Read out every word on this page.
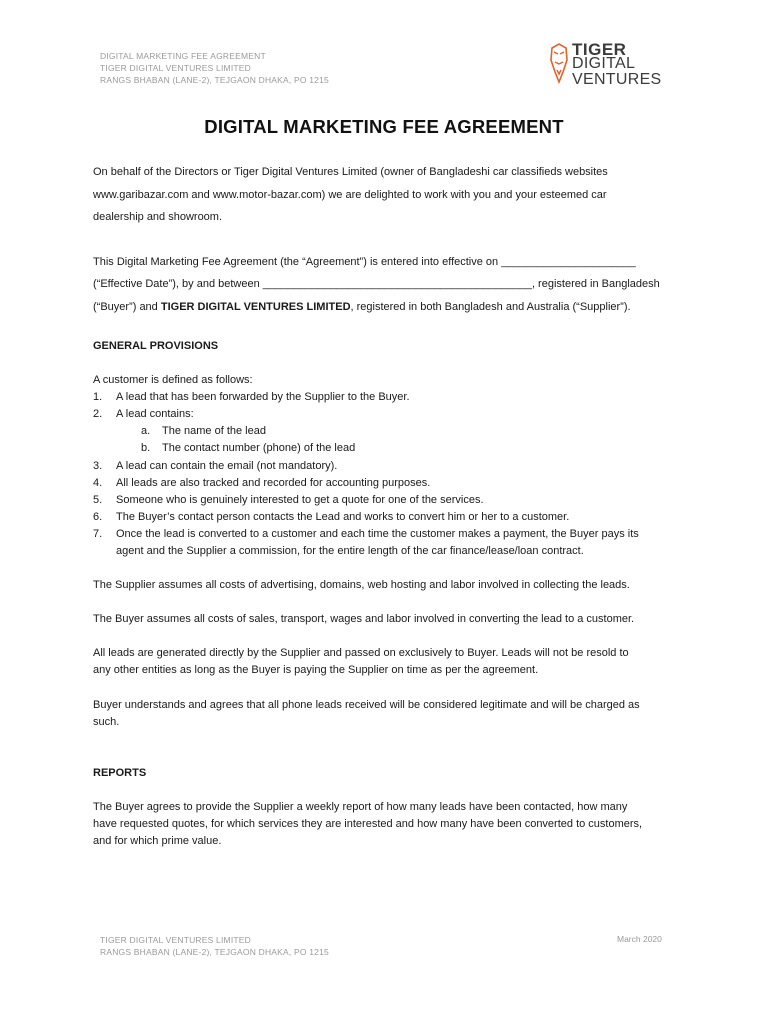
DIGITAL MARKETING FEE AGREEMENT
TIGER DIGITAL VENTURES LIMITED
RANGS BHABAN (LANE-2), TEJGAON DHAKA, PO 1215
TIGER
DIGITAL
VENTURES
DIGITAL MARKETING FEE AGREEMENT
On behalf of the Directors or Tiger Digital Ventures Limited (owner of Bangladeshi car classifieds websites
www.garibazar.com and www.motor-bazar.com) we are delighted to work with you and your esteemed car
dealership and showroom.
This Digital Marketing Fee Agreement (the “Agreement”) is entered into effective on ______________________
(“Effective Date”), by and between ____________________________________________, registered in Bangladesh
(“Buyer”) and TIGER DIGITAL VENTURES LIMITED, registered in both Bangladesh and Australia (“Supplier”).
GENERAL PROVISIONS
A customer is defined as follows:
1. A lead that has been forwarded by the Supplier to the Buyer.
2. A lead contains:
a. The name of the lead
b. The contact number (phone) of the lead
3. A lead can contain the email (not mandatory).
4. All leads are also tracked and recorded for accounting purposes.
5. Someone who is genuinely interested to get a quote for one of the services.
6. The Buyer’s contact person contacts the Lead and works to convert him or her to a customer.
7. Once the lead is converted to a customer and each time the customer makes a payment, the Buyer pays its
agent and the Supplier a commission, for the entire length of the car finance/lease/loan contract.
The Supplier assumes all costs of advertising, domains, web hosting and labor involved in collecting the leads.
The Buyer assumes all costs of sales, transport, wages and labor involved in converting the lead to a customer.
All leads are generated directly by the Supplier and passed on exclusively to Buyer. Leads will not be resold to
any other entities as long as the Buyer is paying the Supplier on time as per the agreement.
Buyer understands and agrees that all phone leads received will be considered legitimate and will be charged as
such.
REPORTS
The Buyer agrees to provide the Supplier a weekly report of how many leads have been contacted, how many
have requested quotes, for which services they are interested and how many have been converted to customers,
and for which prime value.
TIGER DIGITAL VENTURES LIMITED
RANGS BHABAN (LANE-2), TEJGAON DHAKA, PO 1215
March 2020
